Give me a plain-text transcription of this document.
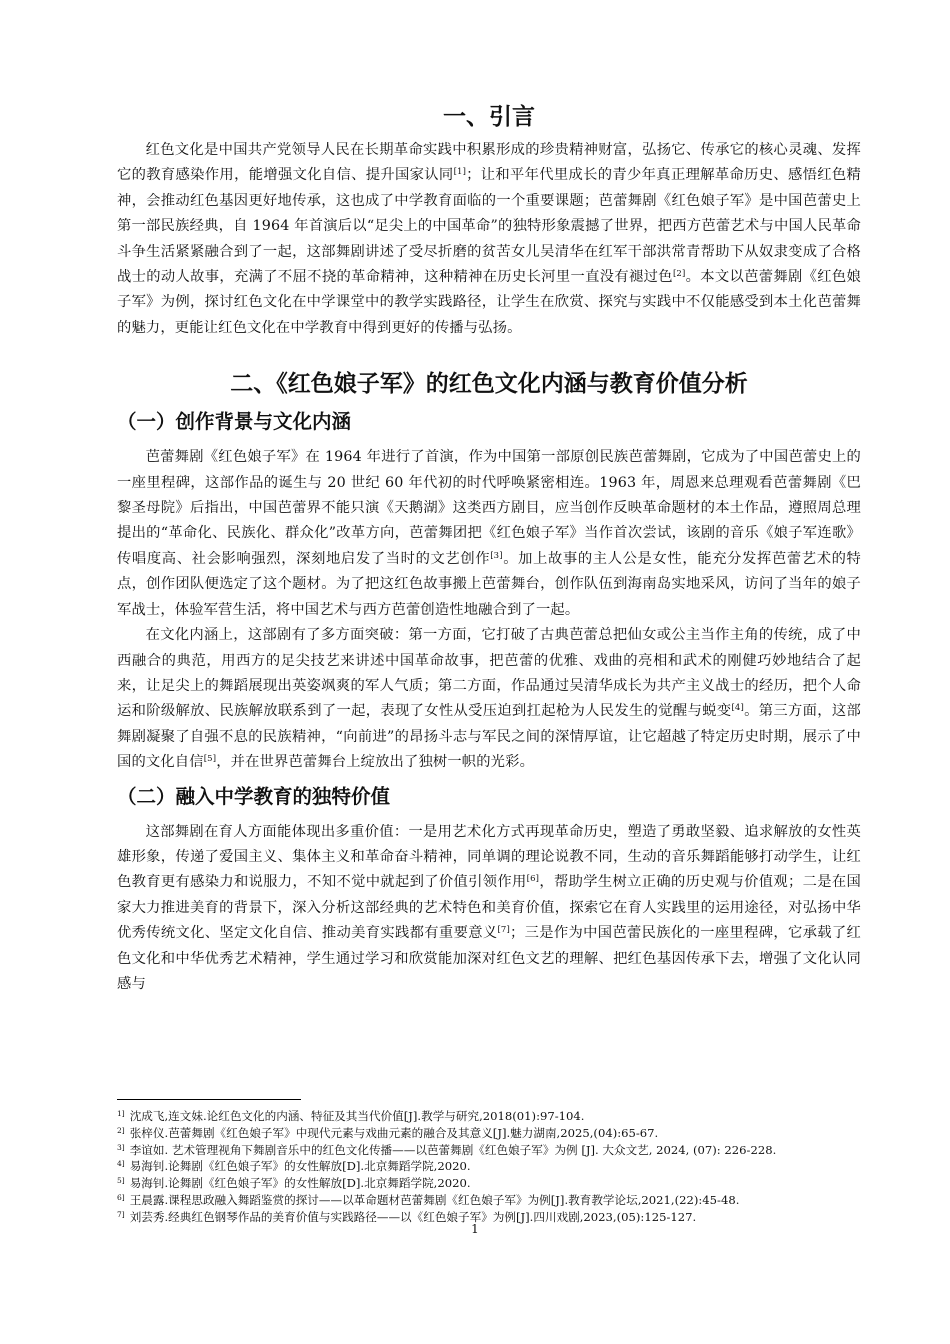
一、引言

红色文化是中国共产党领导人民在长期革命实践中积累形成的珍贵精神财富，弘扬它、传承它的核心灵魂、发挥它的教育感染作用，能增强文化自信、提升国家认同[1]；让和平年代里成长的青少年真正理解革命历史、感悟红色精神，会推动红色基因更好地传承，这也成了中学教育面临的一个重要课题；芭蕾舞剧《红色娘子军》是中国芭蕾史上第一部民族经典，自 1964 年首演后以“足尖上的中国革命”的独特形象震撼了世界，把西方芭蕾艺术与中国人民革命斗争生活紧紧融合到了一起，这部舞剧讲述了受尽折磨的贫苦女儿吴清华在红军干部洪常青帮助下从奴隶变成了合格战士的动人故事，充满了不屈不挠的革命精神，这种精神在历史长河里一直没有褪过色[2]。本文以芭蕾舞剧《红色娘子军》为例，探讨红色文化在中学课堂中的教学实践路径，让学生在欣赏、探究与实践中不仅能感受到本土化芭蕾舞的魅力，更能让红色文化在中学教育中得到更好的传播与弘扬。

二、《红色娘子军》的红色文化内涵与教育价值分析
（一）创作背景与文化内涵

芭蕾舞剧《红色娘子军》在 1964 年进行了首演，作为中国第一部原创民族芭蕾舞剧，它成为了中国芭蕾史上的一座里程碑，这部作品的诞生与 20 世纪 60 年代初的时代呼唤紧密相连。1963 年，周恩来总理观看芭蕾舞剧《巴黎圣母院》后指出，中国芭蕾界不能只演《天鹅湖》这类西方剧目，应当创作反映革命题材的本土作品，遵照周总理提出的“革命化、民族化、群众化”改革方向，芭蕾舞团把《红色娘子军》当作首次尝试，该剧的音乐《娘子军连歌》传唱度高、社会影响强烈，深刻地启发了当时的文艺创作[3]。加上故事的主人公是女性，能充分发挥芭蕾艺术的特点，创作团队便选定了这个题材。为了把这红色故事搬上芭蕾舞台，创作队伍到海南岛实地采风，访问了当年的娘子军战士，体验军营生活，将中国艺术与西方芭蕾创造性地融合到了一起。

在文化内涵上，这部剧有了多方面突破：第一方面，它打破了古典芭蕾总把仙女或公主当作主角的传统，成了中西融合的典范，用西方的足尖技艺来讲述中国革命故事，把芭蕾的优雅、戏曲的亮相和武术的刚健巧妙地结合了起来，让足尖上的舞蹈展现出英姿飒爽的军人气质；第二方面，作品通过吴清华成长为共产主义战士的经历，把个人命运和阶级解放、民族解放联系到了一起，表现了女性从受压迫到扛起枪为人民发生的觉醒与蜕变[4]。第三方面，这部舞剧凝聚了自强不息的民族精神，“向前进”的昂扬斗志与军民之间的深情厚谊，让它超越了特定历史时期，展示了中国的文化自信[5]，并在世界芭蕾舞台上绽放出了独树一帜的光彩。

（二）融入中学教育的独特价值

这部舞剧在育人方面能体现出多重价值：一是用艺术化方式再现革命历史，塑造了勇敢坚毅、追求解放的女性英雄形象，传递了爱国主义、集体主义和革命奋斗精神，同单调的理论说教不同，生动的音乐舞蹈能够打动学生，让红色教育更有感染力和说服力，不知不觉中就起到了价值引领作用[6]，帮助学生树立正确的历史观与价值观；二是在国家大力推进美育的背景下，深入分析这部经典的艺术特色和美育价值，探索它在育人实践里的运用途径，对弘扬中华优秀传统文化、坚定文化自信、推动美育实践都有重要意义[7]；三是作为中国芭蕾民族化的一座里程碑，它承载了红色文化和中华优秀艺术精神，学生通过学习和欣赏能加深对红色文艺的理解、把红色基因传承下去，增强了文化认同感与

1] 沈成飞,连文妹.论红色文化的内涵、特征及其当代价值[J].教学与研究,2018(01):97-104.
2] 张梓仪.芭蕾舞剧《红色娘子军》中现代元素与戏曲元素的融合及其意义[J].魅力湖南,2025,(04):65-67.
3] 李谊如. 艺术管理视角下舞剧音乐中的红色文化传播——以芭蕾舞剧《红色娘子军》为例 [J]. 大众文艺, 2024, (07): 226-228.
4] 易海钊.论舞剧《红色娘子军》的女性解放[D].北京舞蹈学院,2020.
5] 易海钊.论舞剧《红色娘子军》的女性解放[D].北京舞蹈学院,2020.
6] 王晨露.课程思政融入舞蹈鉴赏的探讨——以革命题材芭蕾舞剧《红色娘子军》为例[J].教育教学论坛,2021,(22):45-48.
7] 刘芸秀.经典红色钢琴作品的美育价值与实践路径——以《红色娘子军》为例[J].四川戏剧,2023,(05):125-127.
1
